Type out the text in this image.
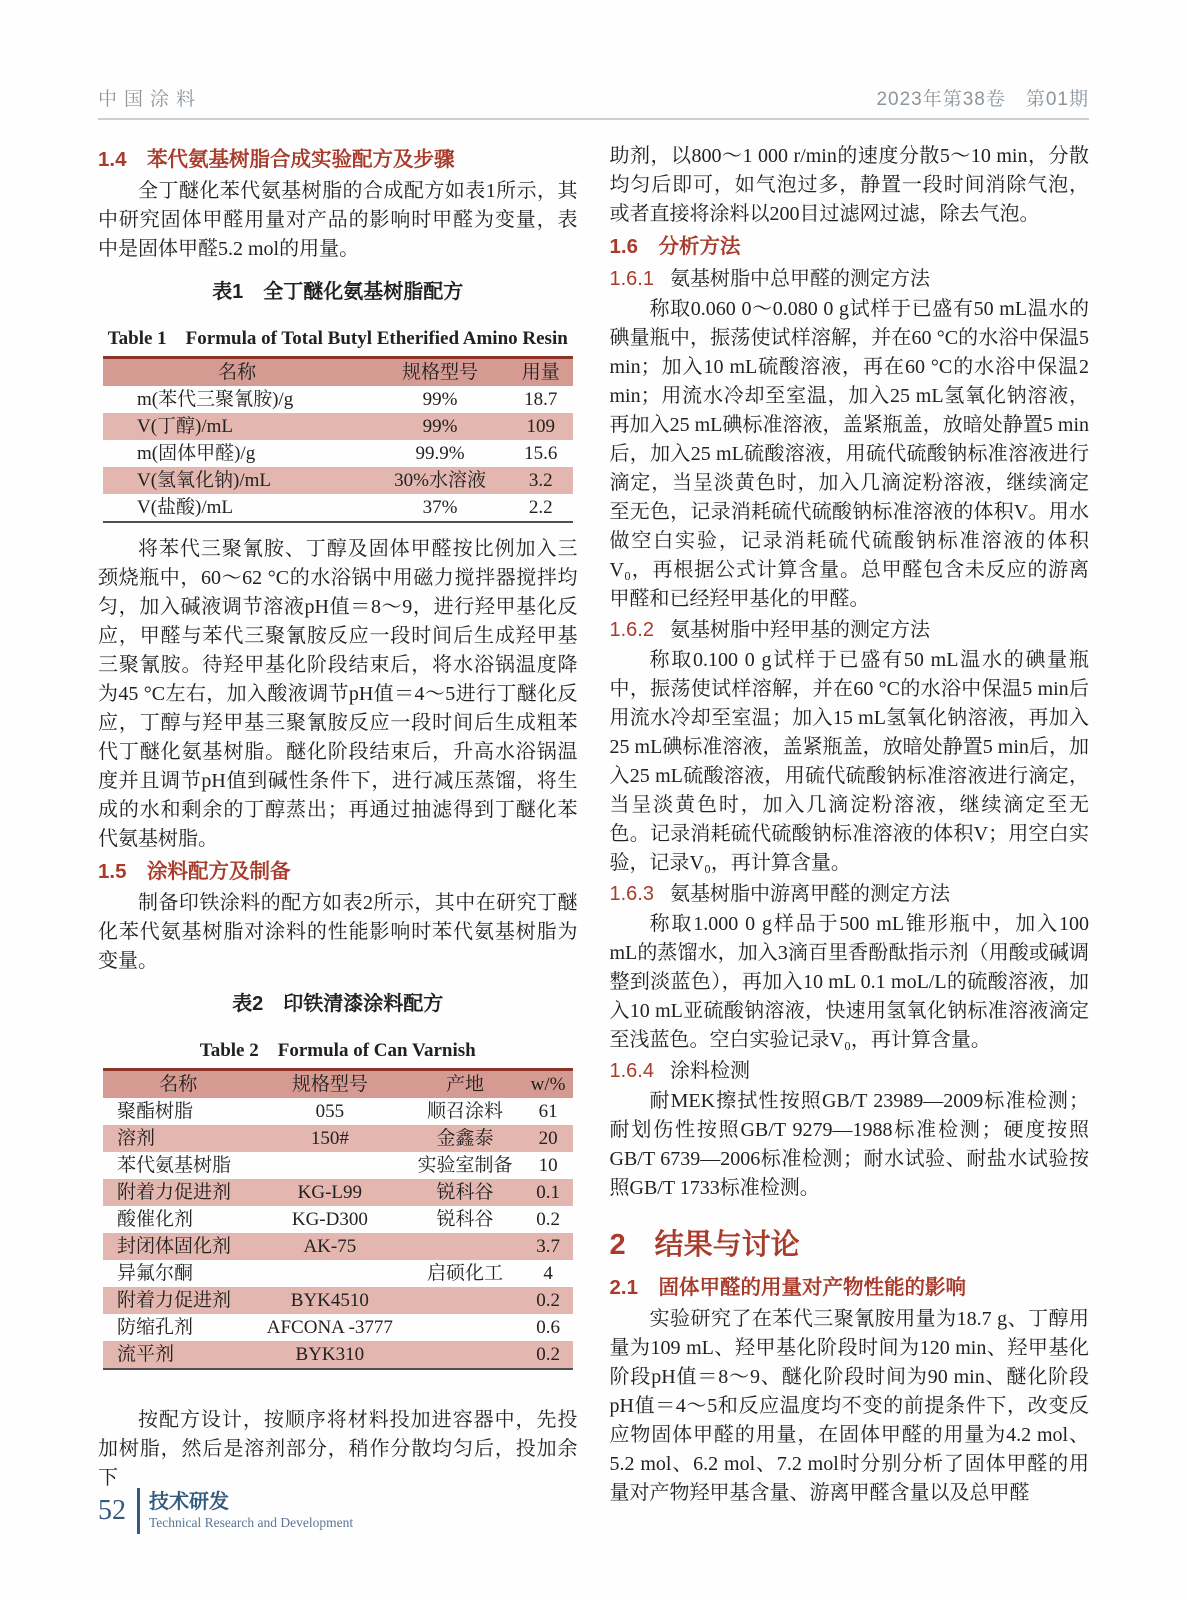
中国涂料	2023年第38卷　第01期
1.4　苯代氨基树脂合成实验配方及步骤

全丁醚化苯代氨基树脂的合成配方如表1所示，其中研究固体甲醛用量对产品的影响时甲醛为变量，表中是固体甲醛5.2 mol的用量。

表1　全丁醚化氨基树脂配方

Table 1　Formula of Total Butyl Etherified Amino Resin

名称	规格型号	用量
m(苯代三聚氰胺)/g	99%	18.7
V(丁醇)/mL	99%	109
m(固体甲醛)/g	99.9%	15.6
V(氢氧化钠)/mL	30%水溶液	3.2
V(盐酸)/mL	37%	2.2

将苯代三聚氰胺、丁醇及固体甲醛按比例加入三颈烧瓶中，60～62 °C的水浴锅中用磁力搅拌器搅拌均匀，加入碱液调节溶液pH值＝8～9，进行羟甲基化反应，甲醛与苯代三聚氰胺反应一段时间后生成羟甲基三聚氰胺。待羟甲基化阶段结束后，将水浴锅温度降为45 °C左右，加入酸液调节pH值＝4～5进行丁醚化反应，丁醇与羟甲基三聚氰胺反应一段时间后生成粗苯代丁醚化氨基树脂。醚化阶段结束后，升高水浴锅温度并且调节pH值到碱性条件下，进行减压蒸馏，将生成的水和剩余的丁醇蒸出；再通过抽滤得到丁醚化苯代氨基树脂。

1.5　涂料配方及制备

制备印铁涂料的配方如表2所示，其中在研究丁醚化苯代氨基树脂对涂料的性能影响时苯代氨基树脂为变量。

表2　印铁清漆涂料配方

Table 2　Formula of Can Varnish

名称	规格型号	产地	w/%
聚酯树脂	055	顺召涂料	61
溶剂	150#	金鑫泰	20
苯代氨基树脂		实验室制备	10
附着力促进剂	KG-L99	锐科谷	0.1
酸催化剂	KG-D300	锐科谷	0.2
封闭体固化剂	AK-75		3.7
异氟尔酮		启硕化工	4
附着力促进剂	BYK4510		0.2
防缩孔剂	AFCONA -3777		0.6
流平剂	BYK310		0.2

按配方设计，按顺序将材料投加进容器中，先投加树脂，然后是溶剂部分，稍作分散均匀后，投加余下

助剂，以800～1 000 r/min的速度分散5～10 min，分散均匀后即可，如气泡过多，静置一段时间消除气泡，或者直接将涂料以200目过滤网过滤，除去气泡。

1.6　分析方法
1.6.1 氨基树脂中总甲醛的测定方法

称取0.060 0～0.080 0 g试样于已盛有50 mL温水的碘量瓶中，振荡使试样溶解，并在60 °C的水浴中保温5 min；加入10 mL硫酸溶液，再在60 °C的水浴中保温2 min；用流水冷却至室温，加入25 mL氢氧化钠溶液，再加入25 mL碘标准溶液，盖紧瓶盖，放暗处静置5 min后，加入25 mL硫酸溶液，用硫代硫酸钠标准溶液进行滴定，当呈淡黄色时，加入几滴淀粉溶液，继续滴定至无色，记录消耗硫代硫酸钠标准溶液的体积V。用水做空白实验，记录消耗硫代硫酸钠标准溶液的体积V₀，再根据公式计算含量。总甲醛包含未反应的游离甲醛和已经羟甲基化的甲醛。

1.6.2 氨基树脂中羟甲基的测定方法

称取0.100 0 g试样于已盛有50 mL温水的碘量瓶中，振荡使试样溶解，并在60 °C的水浴中保温5 min后用流水冷却至室温；加入15 mL氢氧化钠溶液，再加入25 mL碘标准溶液，盖紧瓶盖，放暗处静置5 min后，加入25 mL硫酸溶液，用硫代硫酸钠标准溶液进行滴定，当呈淡黄色时，加入几滴淀粉溶液，继续滴定至无色。记录消耗硫代硫酸钠标准溶液的体积V；用空白实验，记录V₀，再计算含量。

1.6.3 氨基树脂中游离甲醛的测定方法

称取1.000 0 g样品于500 mL锥形瓶中，加入100 mL的蒸馏水，加入3滴百里香酚酞指示剂（用酸或碱调整到淡蓝色），再加入10 mL 0.1 moL/L的硫酸溶液，加入10 mL亚硫酸钠溶液，快速用氢氧化钠标准溶液滴定至浅蓝色。空白实验记录V₀，再计算含量。

1.6.4 涂料检测

耐MEK擦拭性按照GB/T 23989—2009标准检测；耐划伤性按照GB/T 9279—1988标准检测；硬度按照GB/T 6739—2006标准检测；耐水试验、耐盐水试验按照GB/T 1733标准检测。

2　结果与讨论
2.1　固体甲醛的用量对产物性能的影响

实验研究了在苯代三聚氰胺用量为18.7 g、丁醇用量为109 mL、羟甲基化阶段时间为120 min、羟甲基化阶段pH值＝8～9、醚化阶段时间为90 min、醚化阶段pH值＝4～5和反应温度均不变的前提条件下，改变反应物固体甲醛的用量，在固体甲醛的用量为4.2 mol、5.2 mol、6.2 mol、7.2 mol时分别分析了固体甲醛的用量对产物羟甲基含量、游离甲醛含量以及总甲醛

52 技术研发
Technical Research and Development
